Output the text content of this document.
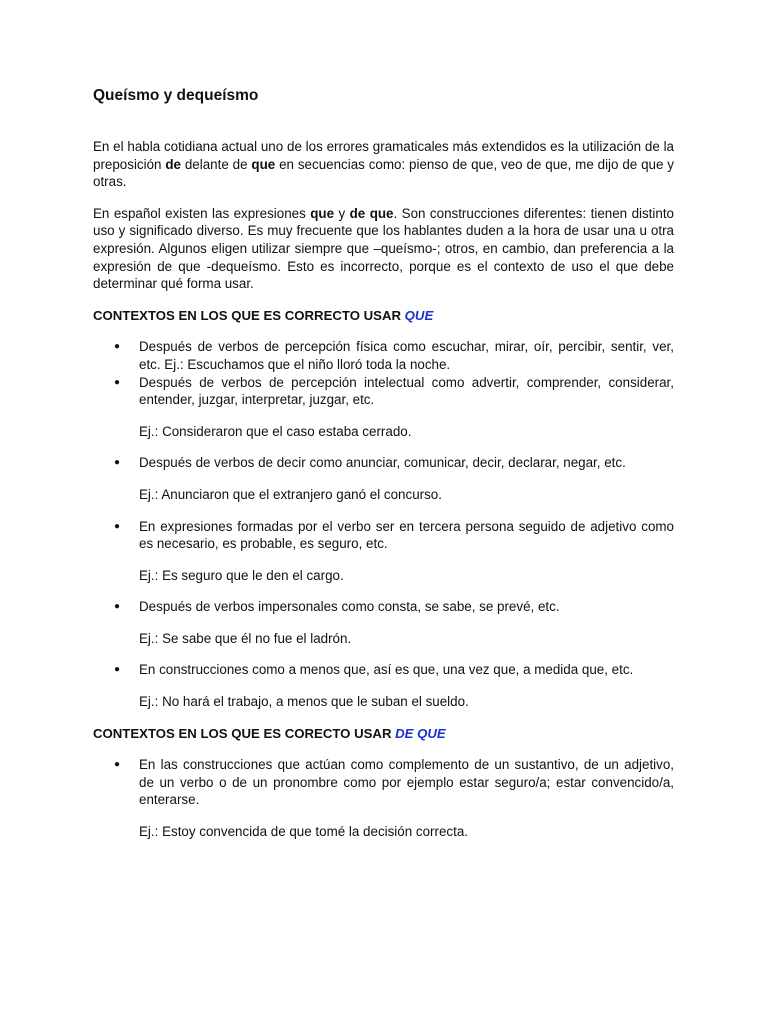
Queísmo y dequeísmo

En el habla cotidiana actual uno de los errores gramaticales más extendidos es la utilización de la preposición de delante de que en secuencias como: pienso de que, veo de que, me dijo de que y otras.

En español existen las expresiones que y de que. Son construcciones diferentes: tienen distinto uso y significado diverso. Es muy frecuente que los hablantes duden a la hora de usar una u otra expresión. Algunos eligen utilizar siempre que –queísmo-; otros, en cambio, dan preferencia a la expresión de que -dequeísmo. Esto es incorrecto, porque es el contexto de uso el que debe determinar qué forma usar.

CONTEXTOS EN LOS QUE ES CORRECTO USAR QUE

● Después de verbos de percepción física como escuchar, mirar, oír, percibir, sentir, ver, etc. Ej.: Escuchamos que el niño lloró toda la noche.
● Después de verbos de percepción intelectual como advertir, comprender, considerar, entender, juzgar, interpretar, juzgar, etc.

Ej.: Consideraron que el caso estaba cerrado.

● Después de verbos de decir como anunciar, comunicar, decir, declarar, negar, etc.

Ej.: Anunciaron que el extranjero ganó el concurso.

● En expresiones formadas por el verbo ser en tercera persona seguido de adjetivo como es necesario, es probable, es seguro, etc.

Ej.: Es seguro que le den el cargo.

● Después de verbos impersonales como consta, se sabe, se prevé, etc.

Ej.: Se sabe que él no fue el ladrón.

● En construcciones como a menos que, así es que, una vez que, a medida que, etc.

Ej.: No hará el trabajo, a menos que le suban el sueldo.

CONTEXTOS EN LOS QUE ES CORECTO USAR DE QUE

● En las construcciones que actúan como complemento de un sustantivo, de un adjetivo, de un verbo o de un pronombre como por ejemplo estar seguro/a; estar convencido/a, enterarse.

Ej.: Estoy convencida de que tomé la decisión correcta.
